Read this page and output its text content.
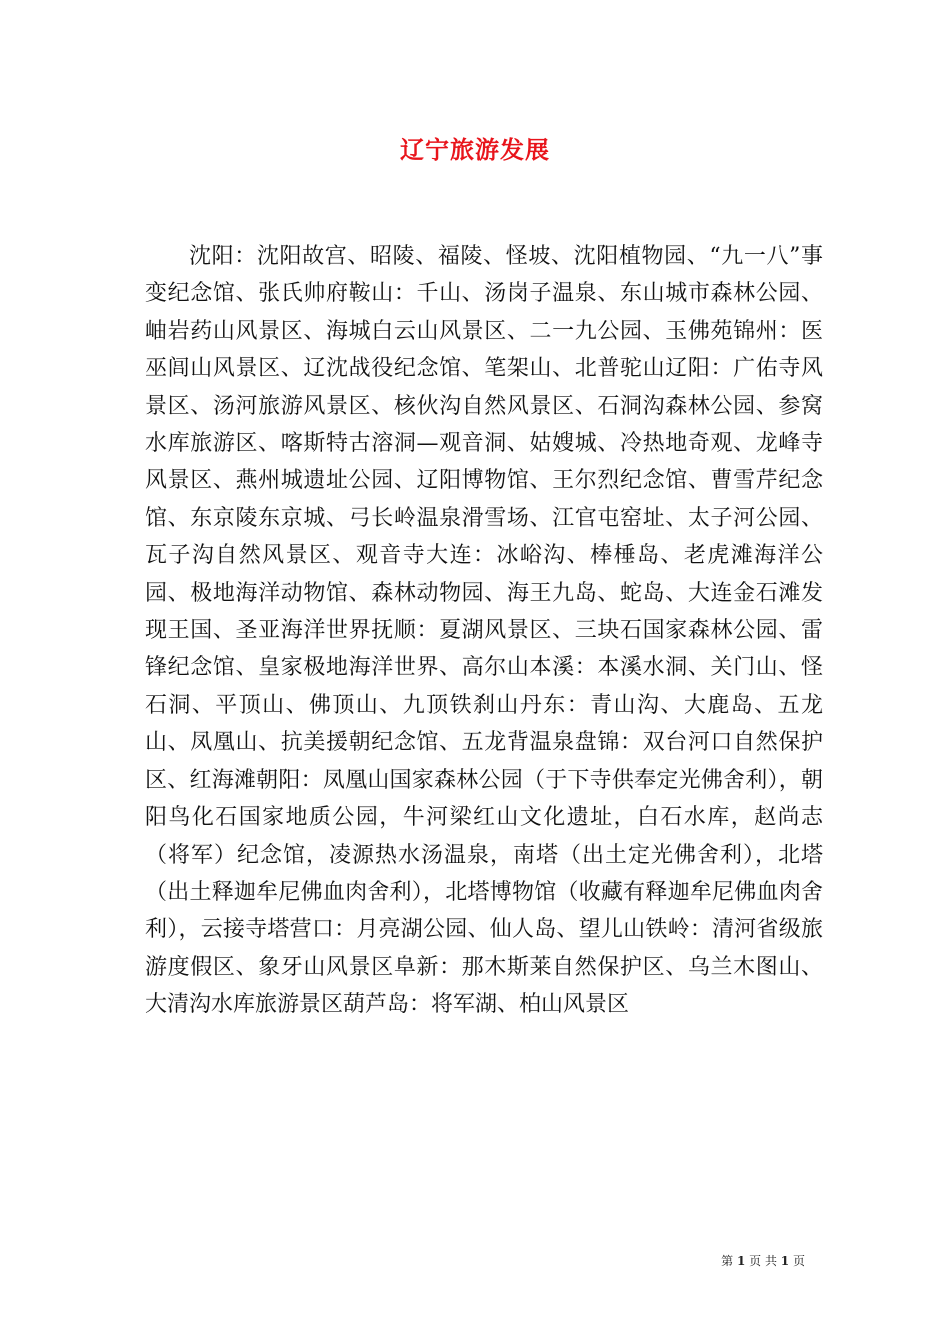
辽宁旅游发展

沈阳：沈阳故宫、昭陵、福陵、怪坡、沈阳植物园、“九一八”事变纪念馆、张氏帅府鞍山：千山、汤岗子温泉、东山城市森林公园、岫岩药山风景区、海城白云山风景区、二一九公园、玉佛苑锦州：医巫闾山风景区、辽沈战役纪念馆、笔架山、北普驼山辽阳：广佑寺风景区、汤河旅游风景区、核伙沟自然风景区、石洞沟森林公园、参窝水库旅游区、喀斯特古溶洞—观音洞、姑嫂城、冷热地奇观、龙峰寺风景区、燕州城遗址公园、辽阳博物馆、王尔烈纪念馆、曹雪芹纪念馆、东京陵东京城、弓长岭温泉滑雪场、江官屯窑址、太子河公园、瓦子沟自然风景区、观音寺大连：冰峪沟、棒棰岛、老虎滩海洋公园、极地海洋动物馆、森林动物园、海王九岛、蛇岛、大连金石滩发现王国、圣亚海洋世界抚顺：夏湖风景区、三块石国家森林公园、雷锋纪念馆、皇家极地海洋世界、高尔山本溪：本溪水洞、关门山、怪石洞、平顶山、佛顶山、九顶铁刹山丹东：青山沟、大鹿岛、五龙山、凤凰山、抗美援朝纪念馆、五龙背温泉盘锦：双台河口自然保护区、红海滩朝阳：凤凰山国家森林公园（于下寺供奉定光佛舍利），朝阳鸟化石国家地质公园，牛河梁红山文化遗址，白石水库，赵尚志（将军）纪念馆，凌源热水汤温泉，南塔（出土定光佛舍利），北塔（出土释迦牟尼佛血肉舍利），北塔博物馆（收藏有释迦牟尼佛血肉舍利），云接寺塔营口：月亮湖公园、仙人岛、望儿山铁岭：清河省级旅游度假区、象牙山风景区阜新：那木斯莱自然保护区、乌兰木图山、大清沟水库旅游景区葫芦岛：将军湖、柏山风景区

第 1 页 共 1 页
